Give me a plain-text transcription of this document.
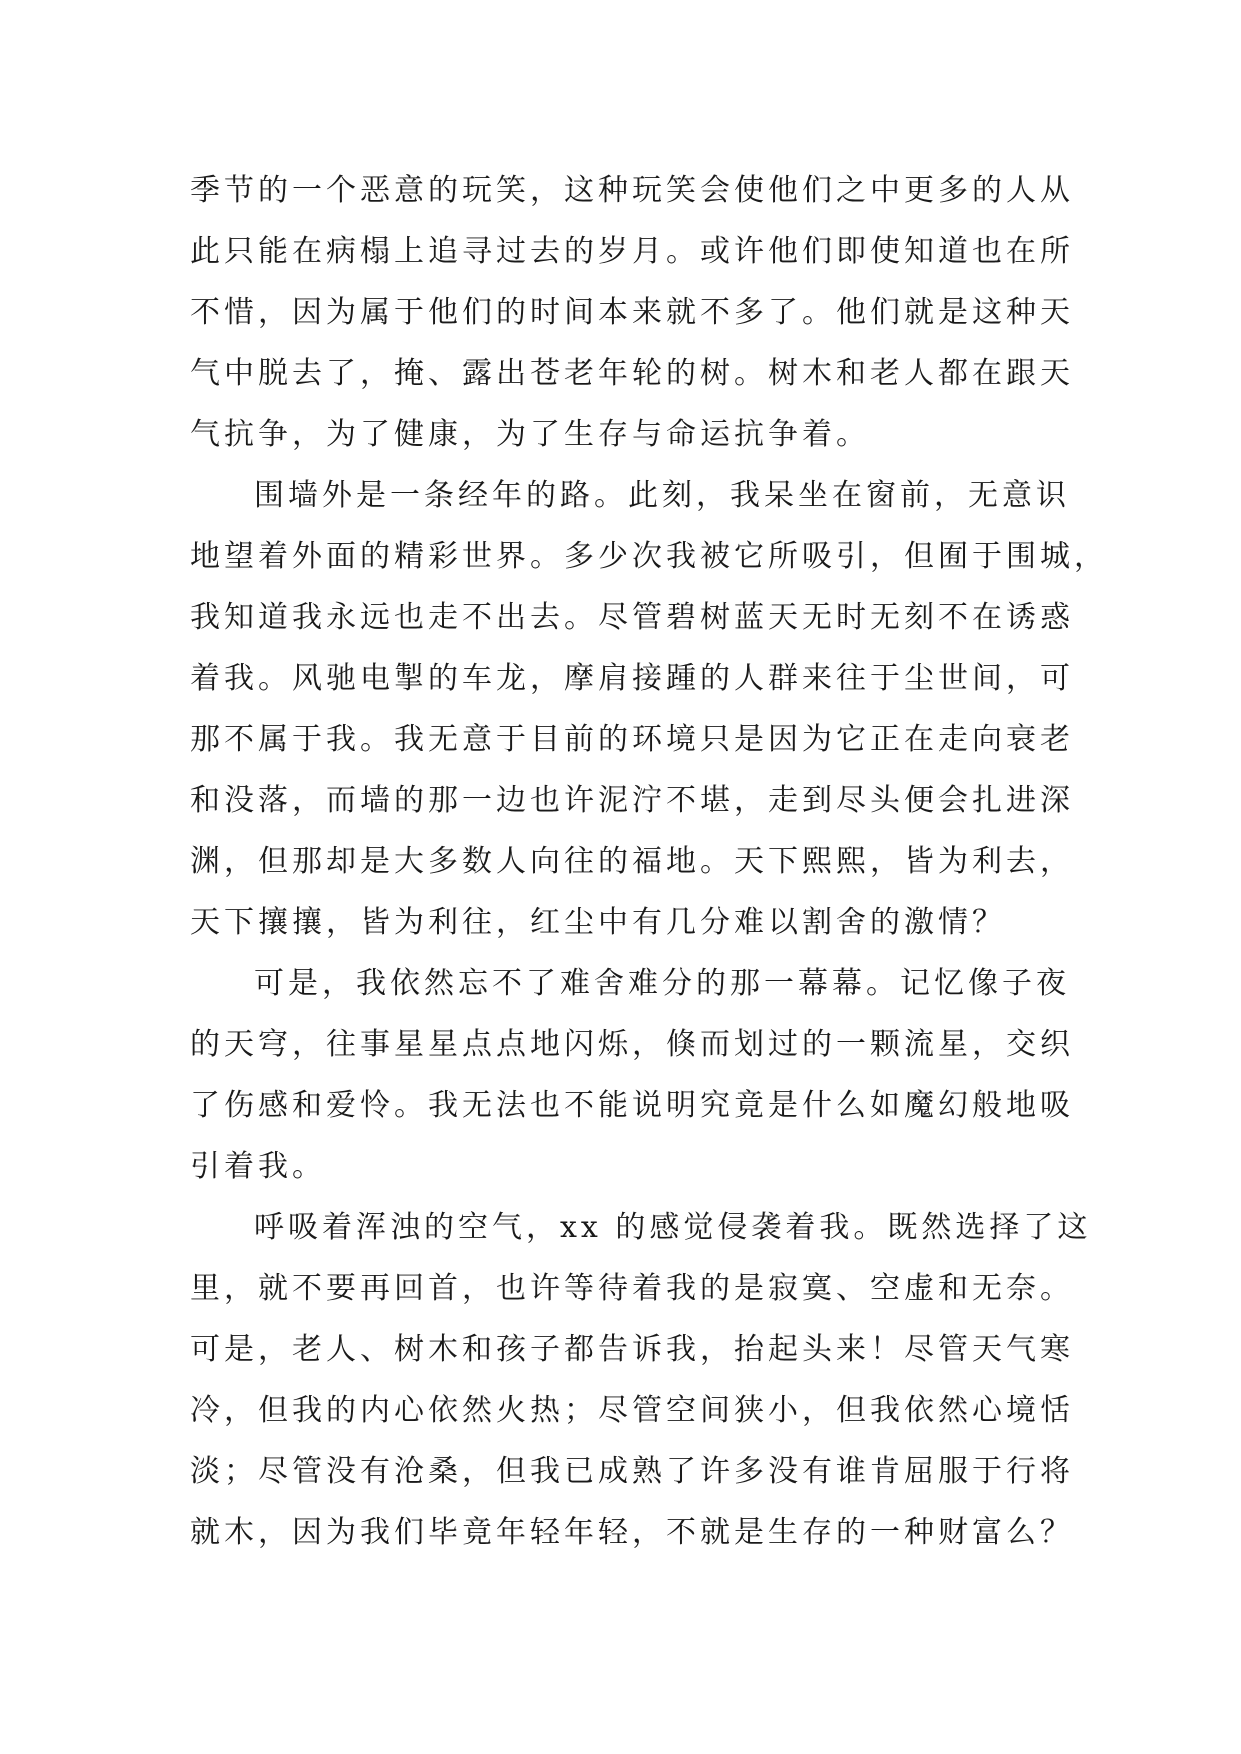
季节的一个恶意的玩笑，这种玩笑会使他们之中更多的人从
此只能在病榻上追寻过去的岁月。或许他们即使知道也在所
不惜，因为属于他们的时间本来就不多了。他们就是这种天
气中脱去了，掩、露出苍老年轮的树。树木和老人都在跟天
气抗争，为了健康，为了生存与命运抗争着。
围墙外是一条经年的路。此刻，我呆坐在窗前，无意识
地望着外面的精彩世界。多少次我被它所吸引，但囿于围城，
我知道我永远也走不出去。尽管碧树蓝天无时无刻不在诱惑
着我。风驰电掣的车龙，摩肩接踵的人群来往于尘世间，可
那不属于我。我无意于目前的环境只是因为它正在走向衰老
和没落，而墙的那一边也许泥泞不堪，走到尽头便会扎进深
渊，但那却是大多数人向往的福地。天下熙熙，皆为利去，
天下攘攘，皆为利往，红尘中有几分难以割舍的激情？
可是，我依然忘不了难舍难分的那一幕幕。记忆像子夜
的天穹，往事星星点点地闪烁，倏而划过的一颗流星，交织
了伤感和爱怜。我无法也不能说明究竟是什么如魔幻般地吸
引着我。
呼吸着浑浊的空气，xx 的感觉侵袭着我。既然选择了这
里，就不要再回首，也许等待着我的是寂寞、空虚和无奈。
可是，老人、树木和孩子都告诉我，抬起头来！尽管天气寒
冷，但我的内心依然火热；尽管空间狭小，但我依然心境恬
淡；尽管没有沧桑，但我已成熟了许多没有谁肯屈服于行将
就木，因为我们毕竟年轻年轻，不就是生存的一种财富么？
